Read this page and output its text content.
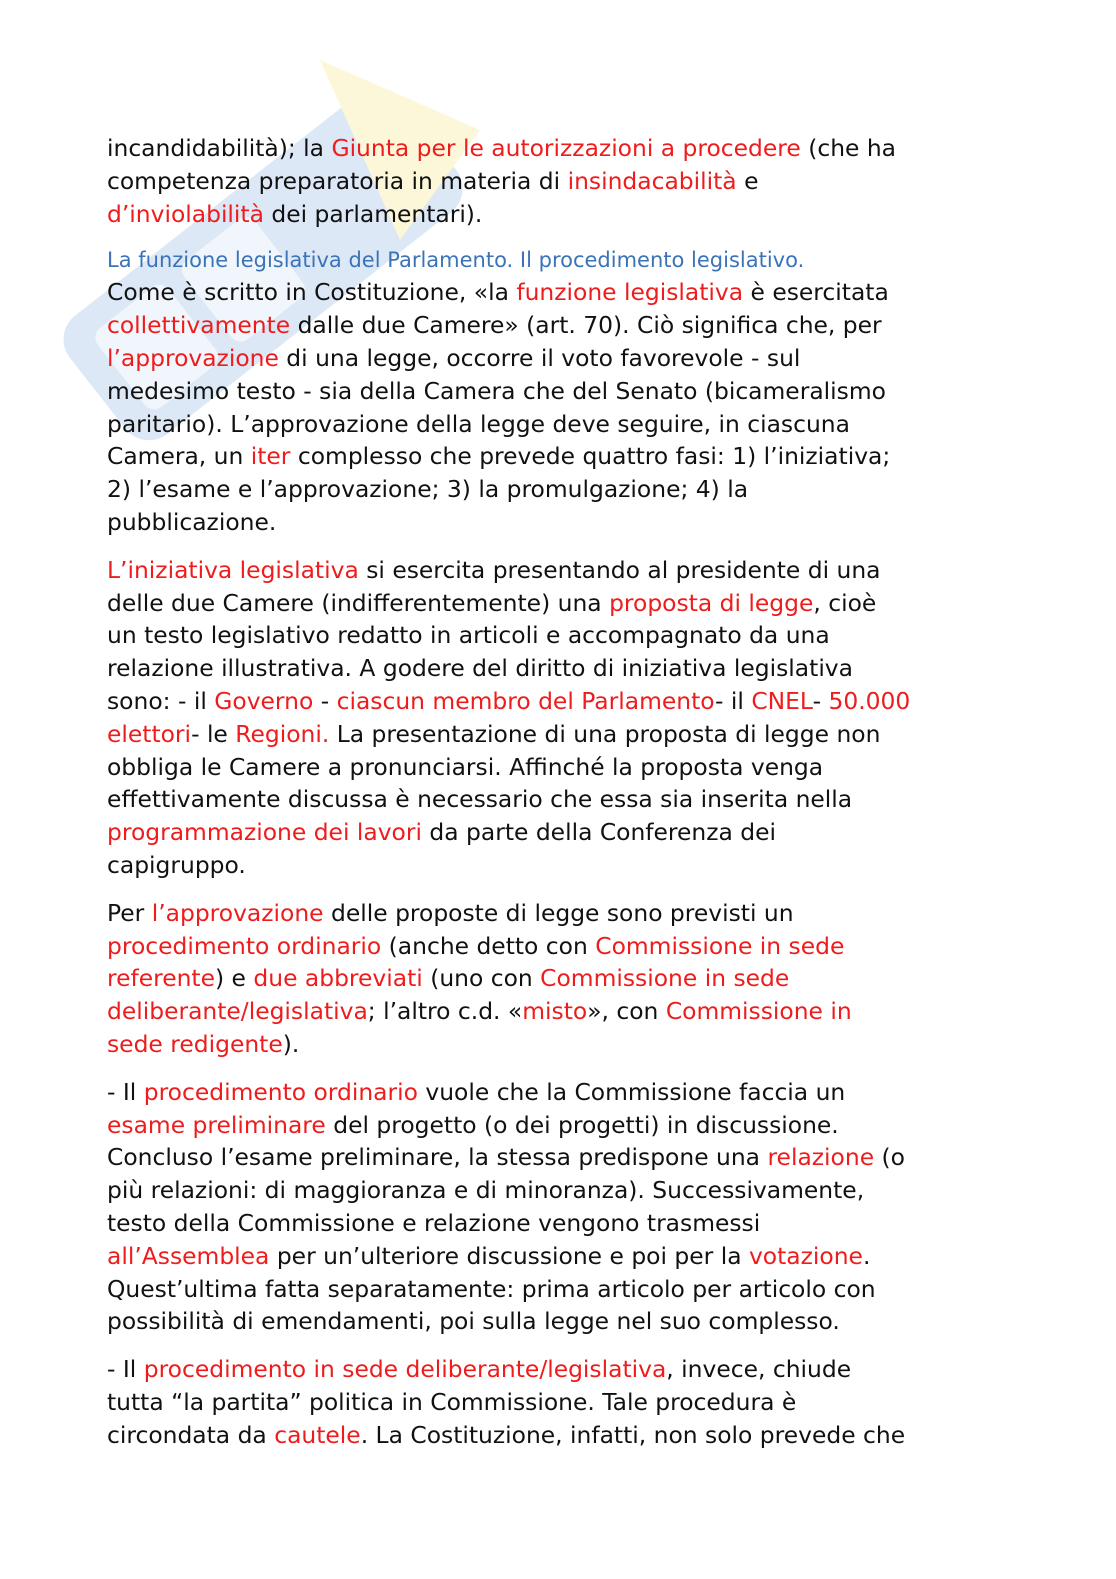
incandidabilità); la Giunta per le autorizzazioni a procedere (che ha
competenza preparatoria in materia di insindacabilità e
d’inviolabilità dei parlamentari).
La funzione legislativa del Parlamento. Il procedimento legislativo.
Come è scritto in Costituzione, «la funzione legislativa è esercitata
collettivamente dalle due Camere» (art. 70). Ciò significa che, per
l’approvazione di una legge, occorre il voto favorevole - sul
medesimo testo - sia della Camera che del Senato (bicameralismo
paritario). L’approvazione della legge deve seguire, in ciascuna
Camera, un iter complesso che prevede quattro fasi: 1) l’iniziativa;
2) l’esame e l’approvazione; 3) la promulgazione; 4) la
pubblicazione.
L’iniziativa legislativa si esercita presentando al presidente di una
delle due Camere (indifferentemente) una proposta di legge, cioè
un testo legislativo redatto in articoli e accompagnato da una
relazione illustrativa. A godere del diritto di iniziativa legislativa
sono: - il Governo - ciascun membro del Parlamento- il CNEL- 50.000
elettori- le Regioni. La presentazione di una proposta di legge non
obbliga le Camere a pronunciarsi. Affinché la proposta venga
effettivamente discussa è necessario che essa sia inserita nella
programmazione dei lavori da parte della Conferenza dei
capigruppo.
Per l’approvazione delle proposte di legge sono previsti un
procedimento ordinario (anche detto con Commissione in sede
referente) e due abbreviati (uno con Commissione in sede
deliberante/legislativa; l’altro c.d. «misto», con Commissione in
sede redigente).
- Il procedimento ordinario vuole che la Commissione faccia un
esame preliminare del progetto (o dei progetti) in discussione.
Concluso l’esame preliminare, la stessa predispone una relazione (o
più relazioni: di maggioranza e di minoranza). Successivamente,
testo della Commissione e relazione vengono trasmessi
all’Assemblea per un’ulteriore discussione e poi per la votazione.
Quest’ultima fatta separatamente: prima articolo per articolo con
possibilità di emendamenti, poi sulla legge nel suo complesso.
- Il procedimento in sede deliberante/legislativa, invece, chiude
tutta “la partita” politica in Commissione. Tale procedura è
circondata da cautele. La Costituzione, infatti, non solo prevede che
